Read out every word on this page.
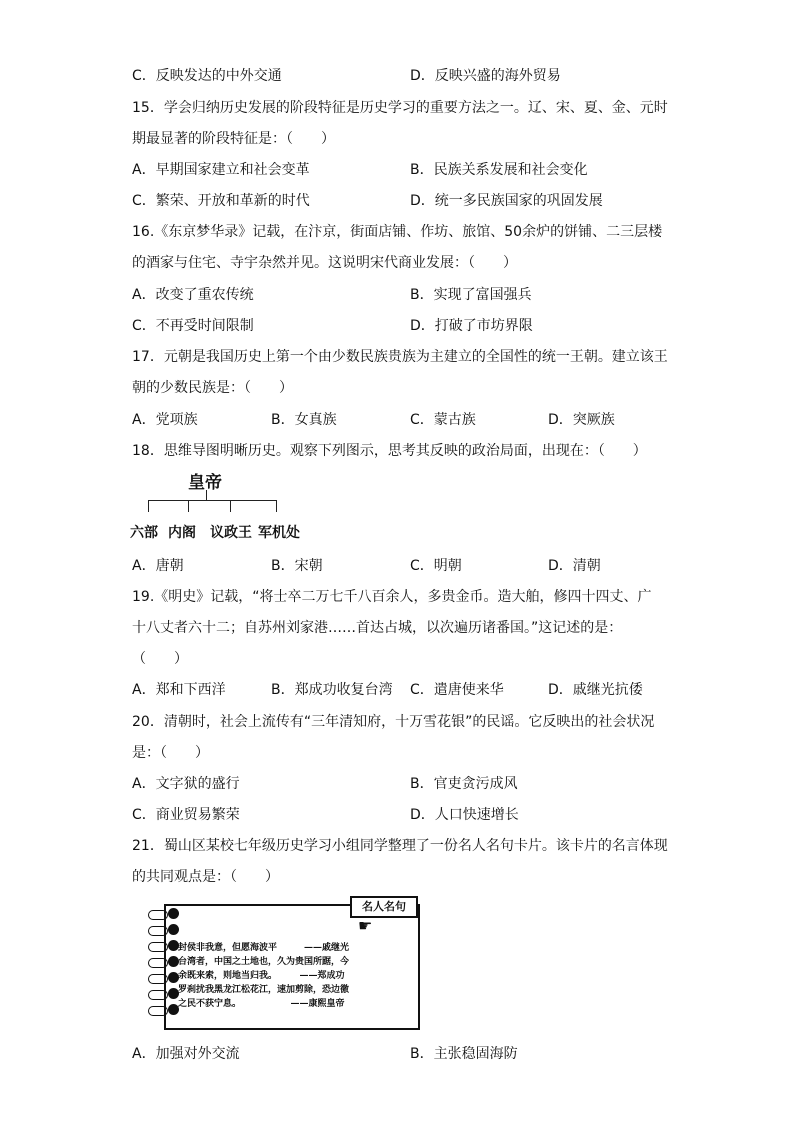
C．反映发达的中外交通	D．反映兴盛的海外贸易
15．学会归纳历史发展的阶段特征是历史学习的重要方法之一。辽、宋、夏、金、元时
期最显著的阶段特征是：（　　）
A．早期国家建立和社会变革	B．民族关系发展和社会变化
C．繁荣、开放和革新的时代	D．统一多民族国家的巩固发展
16.《东京梦华录》记载，在汴京，街面店铺、作坊、旅馆、50余炉的饼铺、二三层楼
的酒家与住宅、寺宇杂然并见。这说明宋代商业发展：（　　）
A．改变了重农传统	B．实现了富国强兵
C．不再受时间限制	D．打破了市坊界限
17．元朝是我国历史上第一个由少数民族贵族为主建立的全国性的统一王朝。建立该王
朝的少数民族是：（　　）
A．党项族	B．女真族	C．蒙古族	D．突厥族
18．思维导图明晰历史。观察下列图示，思考其反映的政治局面，出现在：（　　）
皇帝
六部 内阁 议政王 军机处
A．唐朝	B．宋朝	C．明朝	D．清朝
19.《明史》记载，“将士卒二万七千八百余人，多贵金币。造大舶，修四十四丈、广
十八丈者六十二；自苏州刘家港……首达占城，以次遍历诸番国。”这记述的是：
（　　）
A．郑和下西洋	B．郑成功收复台湾 C．遣唐使来华	D．戚继光抗倭
20．清朝时，社会上流传有“三年清知府，十万雪花银”的民谣。它反映出的社会状况
是：（　　）
A．文字狱的盛行	B．官吏贪污成风
C．商业贸易繁荣	D．人口快速增长
21．蜀山区某校七年级历史学习小组同学整理了一份名人名句卡片。该卡片的名言体现
的共同观点是：（　　）
名人名句
☛
封侯非我意，但愿海波平　　　——戚继光
台湾者，中国之土地也，久为贵国所踞，今
余既来索，则地当归我。　　　——郑成功
罗刹扰我黑龙江松花江，速加剪除，恐边徼
之民不获宁息。　　　　　　——康熙皇帝
A．加强对外交流	B．主张稳固海防
